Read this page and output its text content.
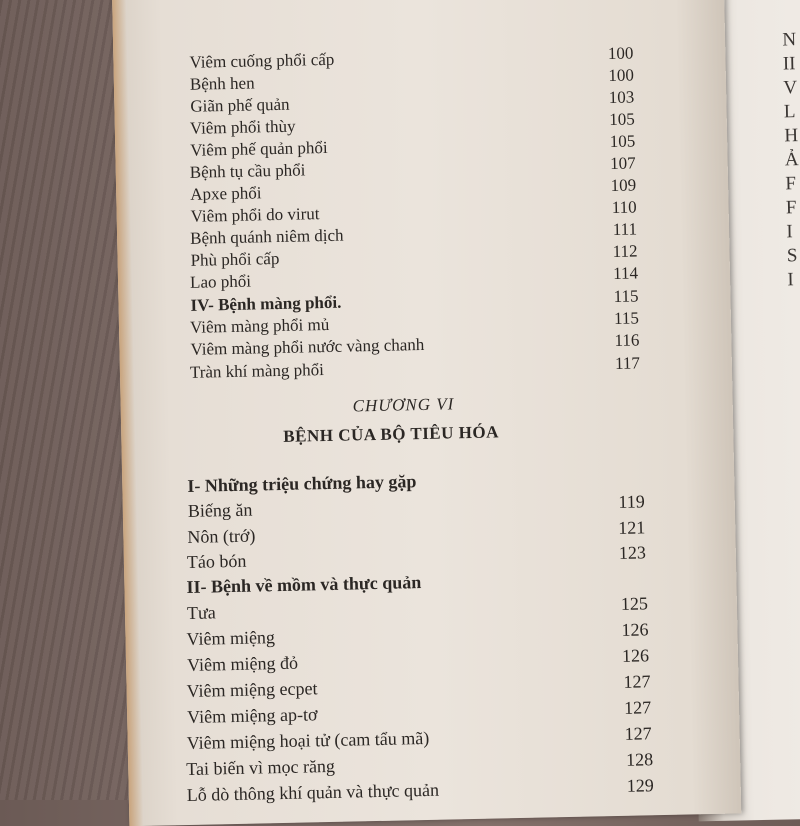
N
II
V
L
H
Ả
F
F
I
S
I
Viêm cuống phổi cấp	100
Bệnh hen	100
Giãn phế quản	103
Viêm phổi thùy	105
Viêm phế quản phổi	105
Bệnh tụ cầu phổi	107
Apxe phổi	109
Viêm phổi do virut	110
Bệnh quánh niêm dịch	111
Phù phổi cấp	112
Lao phổi	114
IV- Bệnh màng phổi.	115
Viêm màng phổi mủ	115
Viêm màng phổi nước vàng chanh	116
Tràn khí màng phổi	117
CHƯƠNG VI
BỆNH CỦA BỘ TIÊU HÓA
I- Những triệu chứng hay gặp
Biếng ăn	119
Nôn (trớ)	121
Táo bón	123
II- Bệnh về mồm và thực quản
Tưa	125
Viêm miệng	126
Viêm miệng đỏ	126
Viêm miệng ecpet	127
Viêm miệng ap-tơ	127
Viêm miệng hoại tử (cam tẩu mã)	127
Tai biến vì mọc răng	128
Lỗ dò thông khí quản và thực quản	129
